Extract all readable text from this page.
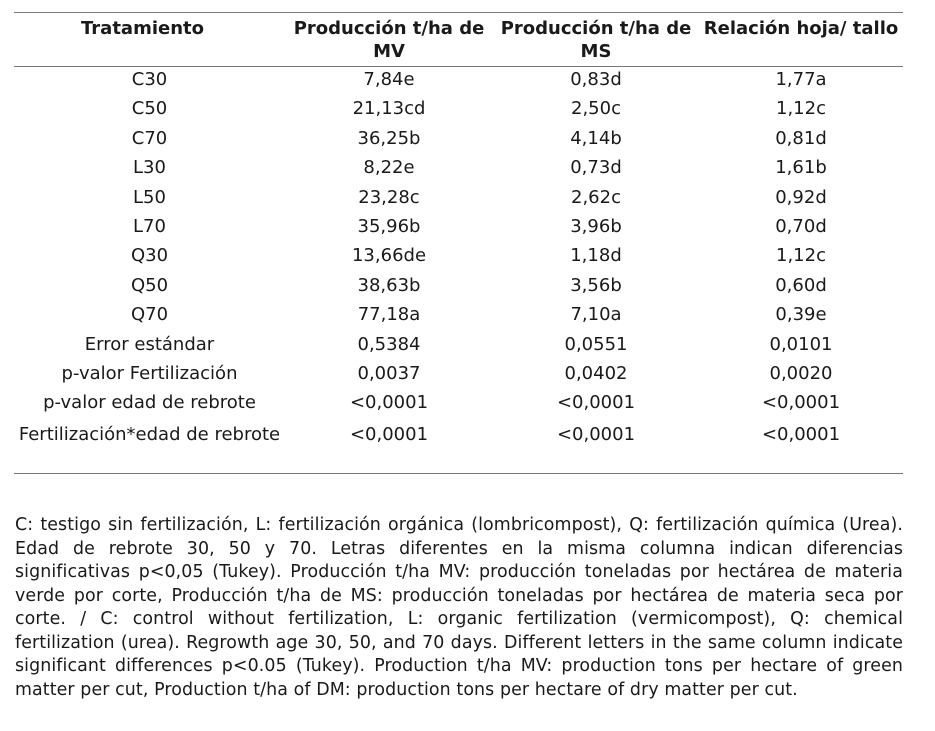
Tratamiento	Producción t/ha de MV	Producción t/ha de MS	Relación hoja/ tallo
C30	7,84e	0,83d	1,77a
C50	21,13cd	2,50c	1,12c
C70	36,25b	4,14b	0,81d
L30	8,22e	0,73d	1,61b
L50	23,28c	2,62c	0,92d
L70	35,96b	3,96b	0,70d
Q30	13,66de	1,18d	1,12c
Q50	38,63b	3,56b	0,60d
Q70	77,18a	7,10a	0,39e
Error estándar	0,5384	0,0551	0,0101
p-valor Fertilización	0,0037	0,0402	0,0020
p-valor edad de rebrote	<0,0001	<0,0001	<0,0001
Fertilización*edad de rebrote	<0,0001	<0,0001	<0,0001

C: testigo sin fertilización, L: fertilización orgánica (lombricompost), Q: fertilización química (Urea). Edad de rebrote 30, 50 y 70. Letras diferentes en la misma columna indican diferencias significativas p<0,05 (Tukey). Producción t/ha MV: producción toneladas por hectárea de materia verde por corte, Producción t/ha de MS: producción toneladas por hectárea de materia seca por corte. / C: control without fertilization, L: organic fertilization (vermicompost), Q: chemical fertilization (urea). Regrowth age 30, 50, and 70 days. Different letters in the same column indicate significant differences p<0.05 (Tukey). Production t/ha MV: production tons per hectare of green matter per cut, Production t/ha of DM: production tons per hectare of dry matter per cut.
